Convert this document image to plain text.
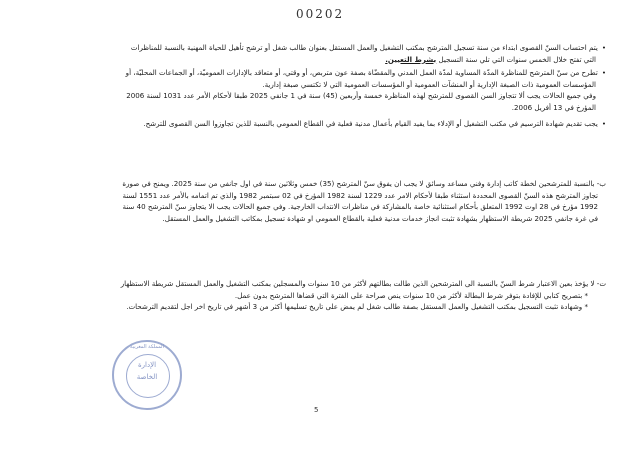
00202
• يتم احتساب السنّ القصوى ابتداء من سنة تسجيل المترشح بمكتب التشغيل والعمل المستقل بعنوان طالب شغل أو ترشح تأهيل للحياة المهنية بالنسبة للمناظرات
التي تفتح خلال الخمس سنوات التي تلي سنة التسجيل بشرط التعيين.
• تطرح من سنّ المترشح للمناظرة المدّة المساوية لمدّة العمل المدني والمقضّاة بصفة عون متربص، أو وقتي، أو متعاقد بالإدارات العموميّة، أو الجماعات المحليّة، أو
المؤسسات العمومية ذات الصبغة الإدارية أو المنشآت العمومية أو المؤسسات العمومية التي لا تكتسي صبغة إدارية.
وفي جميع الحالات يجب ألا تتجاوز السن القصوى للمترشح لهذه المناظرة خمسة وأربعين (45) سنة في 1 جانفي 2025 طبقا لأحكام الأمر عدد 1031 لسنة 2006
المؤرخ في 13 أفريل 2006.
• يجب تقديم شهادة الترسيم في مكتب التشغيل أو الإدلاء بما يفيد القيام بأعمال مدنية فعلية في القطاع العمومي بالنسبة للذين تجاوزوا السن القصوى للترشح.
ب- بالنسبة للمترشحين لخطة كاتب إدارة وفني مساعد وسائق لا يجب ان يفوق سنّ المترشح (35) خمس وثلاثين سنة في اول جانفي من سنة 2025. ويمنح في صورة
تجاوز المترشح هذه السنّ القصوى المحددة استثناء طبقا لأحكام الامر عدد 1229 لسنة 1982 المؤرخ في 02 سبتمبر 1982 والذي تم اتمامه بالأمر عدد 1551 لسنة
1992 مؤرخ في 28 اوت 1992 المتعلق بأحكام استثنائية خاصة بالمشاركة في مناظرات الانتداب الخارجية. وفي جميع الحالات يجب الا يتجاوز سنّ المترشح 40 سنة
في غرة جانفي 2025 شريطة الاستظهار بشهادة تثبت انجاز خدمات مدنية فعلية بالقطاع العمومي او شهادة تسجيل بمكاتب التشغيل والعمل المستقل.
ت- لا يؤخذ بعين الاعتبار شرط السنّ بالنسبة الى المترشحين الذين طالت بطالتهم لأكثر من 10 سنوات والمسجلين بمكتب التشغيل والعمل المستقل شريطة الاستظهار
* بتصريح كتابي للإفادة بتوفر شرط البطالة لأكثر من 10 سنوات ينص صراحة على الفترة التي قضاها المترشح بدون عمل.
* وشهادة تثبت التسجيل بمكتب التشغيل والعمل المستقل بصفة طالب شغل لم يمض على تاريخ تسليمها أكثر من 3 أشهر في تاريخ اخر اجل لتقديم الترشحات.
المملكة المغربية
الإدارة
الخاصة
5
